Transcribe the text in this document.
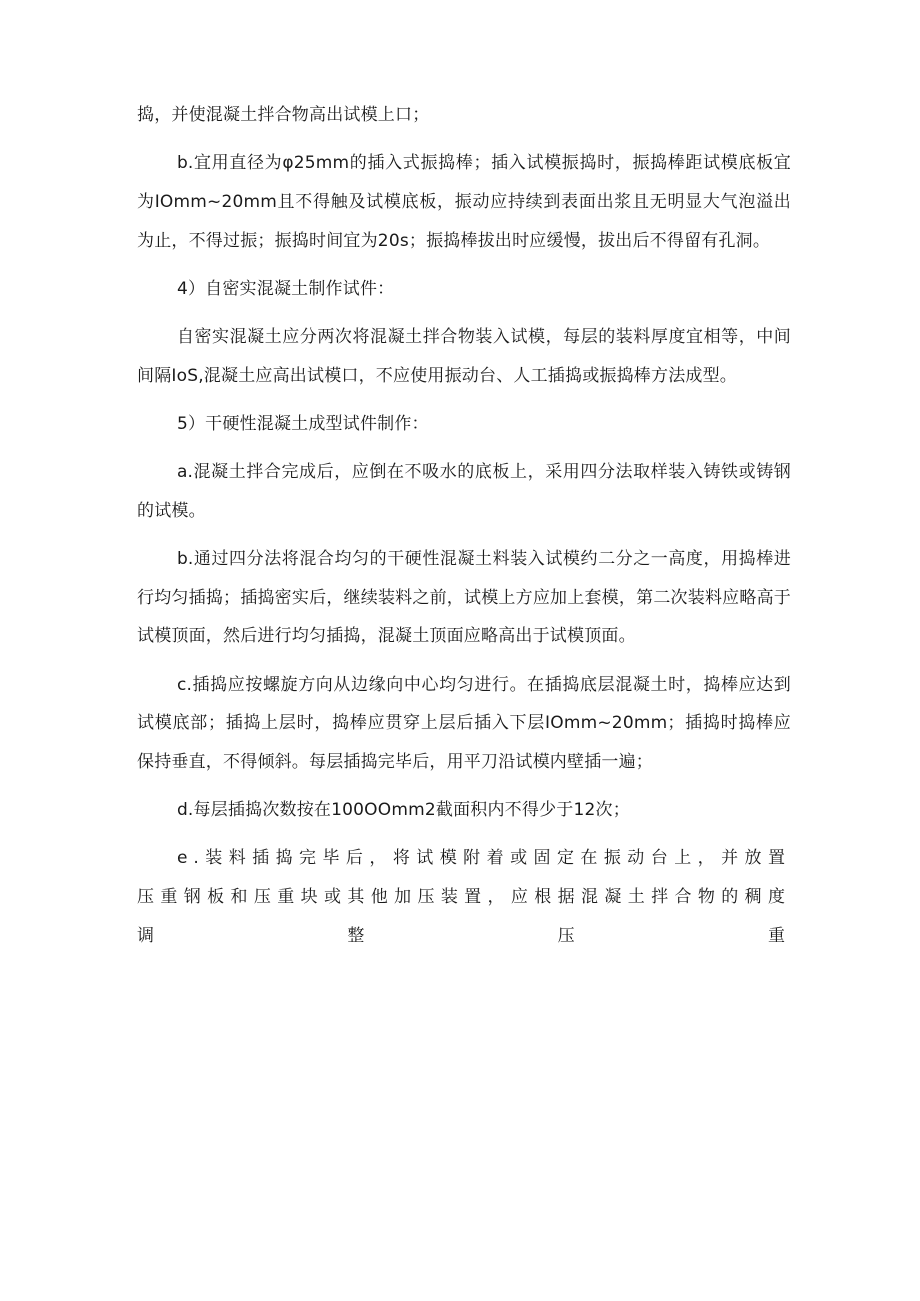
捣，并使混凝土拌合物高出试模上口；

b.宜用直径为φ25mm的插入式振捣棒；插入试模振捣时，振捣棒距试模底板宜为IOmm~20mm且不得触及试模底板，振动应持续到表面出浆且无明显大气泡溢出为止，不得过振；振捣时间宜为20s；振捣棒拔出时应缓慢，拔出后不得留有孔洞。

4）自密实混凝土制作试件：

自密实混凝土应分两次将混凝土拌合物装入试模，每层的装料厚度宜相等，中间间隔IoS,混凝土应高出试模口，不应使用振动台、人工插捣或振捣棒方法成型。

5）干硬性混凝土成型试件制作：

a.混凝土拌合完成后，应倒在不吸水的底板上，采用四分法取样装入铸铁或铸钢的试模。

b.通过四分法将混合均匀的干硬性混凝土料装入试模约二分之一高度，用捣棒进行均匀插捣；插捣密实后，继续装料之前，试模上方应加上套模，第二次装料应略高于试模顶面，然后进行均匀插捣，混凝土顶面应略高出于试模顶面。

c.插捣应按螺旋方向从边缘向中心均匀进行。在插捣底层混凝土时，捣棒应达到试模底部；插捣上层时，捣棒应贯穿上层后插入下层IOmm~20mm；插捣时捣棒应保持垂直，不得倾斜。每层插捣完毕后，用平刀沿试模内壁插一遍；

d.每层插捣次数按在100OOmm2截面积内不得少于12次；

e.装料插捣完毕后，将试模附着或固定在振动台上，并放置压重钢板和压重块或其他加压装置，应根据混凝土拌合物的稠度调整压重
